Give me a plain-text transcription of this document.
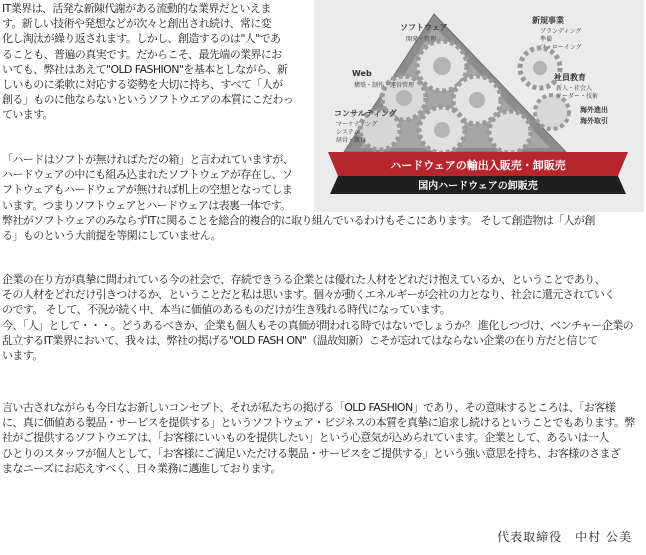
IT業界は、活発な新陳代謝がある流動的な業界だといえま
す。新しい技術や発想などが次々と創出され続け、常に変
化し淘汰が繰り返されます。しかし、創造するのは"人"であ
ることも、普遍の真実です。だからこそ、最先端の業界にお
いても、弊社はあえて"OLD FASHION"を基本としながら、新
しいものに柔軟に対応する姿勢を大切に持ち、すべて「人が
創る」ものに他ならないというソフトウエアの本質にこだわっ
ています。
「ハードはソフトが無ければただの箱」と言われていますが、
ハードウェアの中にも組み込まれたソフトウェアが存在し、ソ
フトウェアもハードウェアが無ければ机上の空想となってしま
います。つまりソフトウェアとハードウェアは表裏一体です。
弊社がソフトウェアのみならずITに関ることを総合的複合的に取り組んでいるわけもそこにあります。 そして創造物は「人が創
る」ものという大前提を等閑にしていません。
企業の在り方が真摯に問われている今の社会で、存続できうる企業とは優れた人材をどれだけ抱えているか、ということであり、
その人材をどれだけ引きつけるか、ということだと私は思います。個々が動くエネルギーが会社の力となり、社会に還元されていく
のです。 そして、不況が続く中、本当に価値のあるものだけが生き残れる時代になっています。
今、「人」として・・・。どうあるべきか、企業も個人もその真価が問われる時ではないでしょうか？ 進化しつづけ、ベンチャー企業の
乱立するIT業界において、我々は、弊社の掲げる"OLD FASH ON"（温故知新）こそが忘れてはならない企業の在り方だと信じて
います。
言い古されながらも今日なお新しいコンセプト、それが私たちの掲げる「OLD FASHION」であり、その意味するところは、「お客様
に、真に価値ある製品・サービスを提供する」というソフトウェア・ビジネスの本質を真摯に追求し続けるということでもあります。弊
社がご提供するソフトウエアは、「お客様にいいものを提供したい」という心意気が込められています。企業として、あるいは一人
ひとりのスタッフが個人として、「お客様にご満足いただける製品・サービスをご提供する」という強い意思を持ち、お客様のさまざ
まなニーズにお応えすべく、日々業務に邁進しております。
代表取締役　中村 公美
ソフトウェア
開発・管理
新規事業
ブランディング
準備
フォローイング
Web
構築・制作・運営管理
社員教育
新人・社会人
リーダー・技術
コンサルティング
マーケティング
システム
経営・教育
海外進出
海外取引
ハードウェアの輸出入販売・卸販売
国内ハードウェアの卸販売
